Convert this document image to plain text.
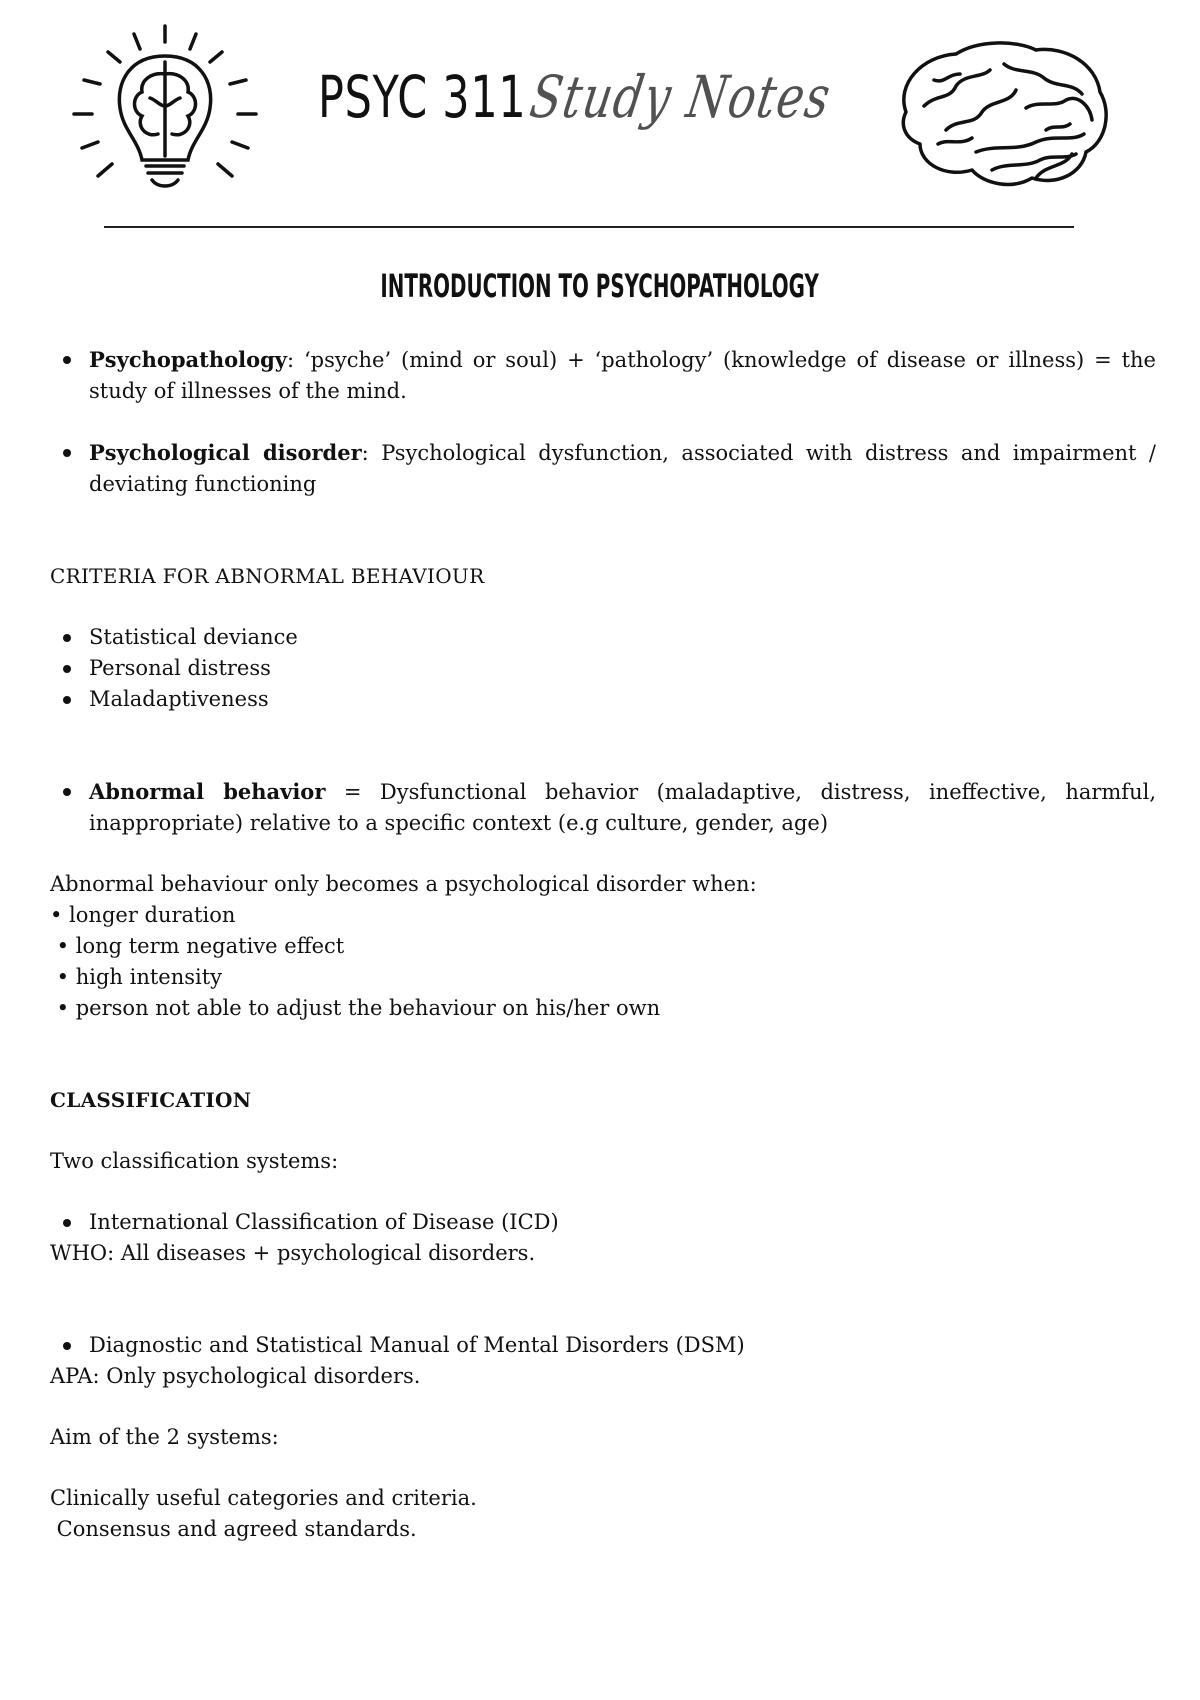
PSYC 311 Study Notes
INTRODUCTION TO PSYCHOPATHOLOGY
Psychopathology: ‘psyche’ (mind or soul) + ‘pathology’ (knowledge of disease or illness) = the study of illnesses of the mind.
Psychological disorder: Psychological dysfunction, associated with distress and impairment / deviating functioning

CRITERIA FOR ABNORMAL BEHAVIOUR

Statistical deviance
Personal distress
Maladaptiveness
Abnormal behavior = Dysfunctional behavior (maladaptive, distress, ineffective, harmful, inappropriate) relative to a specific context (e.g culture, gender, age)

Abnormal behaviour only becomes a psychological disorder when:

• longer duration

• long term negative effect

• high intensity

• person not able to adjust the behaviour on his/her own

CLASSIFICATION

Two classification systems:

International Classification of Disease (ICD)

WHO: All diseases + psychological disorders.

Diagnostic and Statistical Manual of Mental Disorders (DSM)

APA: Only psychological disorders.

Aim of the 2 systems:

Clinically useful categories and criteria.

Consensus and agreed standards.
